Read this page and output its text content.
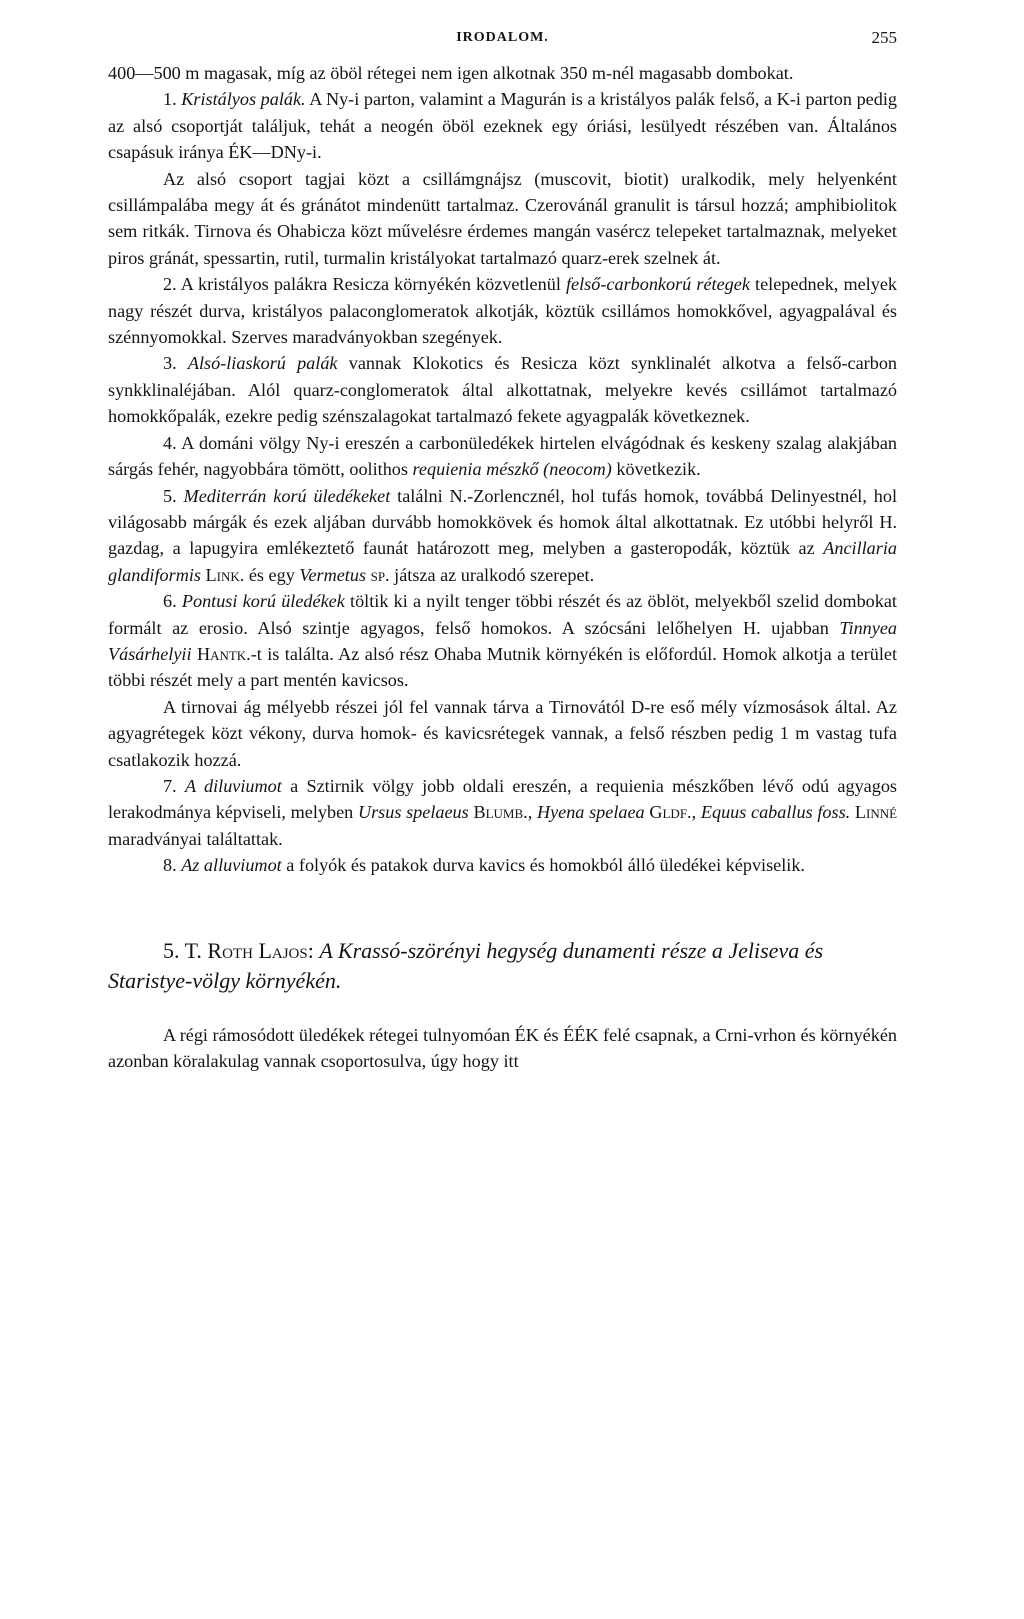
IRODALOM.	255

400—500 m magasak, míg az öböl rétegei nem igen alkotnak 350 m-nél magasabb dombokat.

1. Kristályos palák. A Ny-i parton, valamint a Magurán is a kristályos palák felső, a K-i parton pedig az alsó csoportját találjuk, tehát a neogén öböl ezeknek egy óriási, lesülyedt részében van. Általános csapásuk iránya ÉK—DNy-i.

Az alsó csoport tagjai közt a csillámgnájsz (muscovit, biotit) uralkodik, mely helyenként csillámpalába megy át és gránátot mindenütt tartalmaz. Czerovánál granulit is társul hozzá; amphibiolitok sem ritkák. Tirnova és Ohabicza közt művelésre érdemes mangán vasércz telepeket tartalmaznak, melyeket piros gránát, spessartin, rutil, turmalin kristályokat tartalmazó quarz-erek szelnek át.

2. A kristályos palákra Resicza környékén közvetlenül felső-carbonkorú rétegek telepednek, melyek nagy részét durva, kristályos palaconglomeratok alkotják, köztük csillámos homokkővel, agyagpalával és szénnyomokkal. Szerves maradványokban szegények.

3. Alsó-liaskorú palák vannak Klokotics és Resicza közt synklinalét alkotva a felső-carbon synkklinaléjában. Alól quarz-conglomeratok által alkottatnak, melyekre kevés csillámot tartalmazó homokkőpalák, ezekre pedig szénszalagokat tartalmazó fekete agyagpalák következnek.

4. A dománi völgy Ny-i ereszén a carbonüledékek hirtelen elvágódnak és keskeny szalag alakjában sárgás fehér, nagyobbára tömött, oolithos requienia mészkő (neocom) következik.

5. Mediterrán korú üledékeket találni N.-Zorlencznél, hol tufás homok, továbbá Delinyestnél, hol világosabb márgák és ezek aljában durvább homokkövek és homok által alkottatnak. Ez utóbbi helyről H. gazdag, a lapugyira emlékeztető faunát határozott meg, melyben a gasteropodák, köztük az Ancillaria glandiformis Link. és egy Vermetus sp. játsza az uralkodó szerepet.

6. Pontusi korú üledékek töltik ki a nyilt tenger többi részét és az öblöt, melyekből szelid dombokat formált az erosio. Alsó szintje agyagos, felső homokos. A szócsáni lelőhelyen H. ujabban Tinnyea Vásárhelyii Hantk.-t is találta. Az alsó rész Ohaba Mutnik környékén is előfordúl. Homok alkotja a terület többi részét mely a part mentén kavicsos.

A tirnovai ág mélyebb részei jól fel vannak tárva a Tirnovától D-re eső mély vízmosások által. Az agyagrétegek közt vékony, durva homok- és kavicsrétegek vannak, a felső részben pedig 1 m vastag tufa csatlakozik hozzá.

7. A diluviumot a Sztirnik völgy jobb oldali ereszén, a requienia mészkőben lévő odú agyagos lerakodmánya képviseli, melyben Ursus spelaeus Blumb., Hyena spelaea Gldf., Equus caballus foss. Linné maradványai találtattak.

8. Az alluviumot a folyók és patakok durva kavics és homokból álló üledékei képviselik.

5. T. Roth Lajos: A Krassó-szörényi hegység dunamenti része a Jeliseva és Staristye-völgy környékén.

A régi rámosódott üledékek rétegei tulnyomóan ÉK és ÉÉK felé csapnak, a Crni-vrhon és környékén azonban köralakulag vannak csoportosulva, úgy hogy itt
